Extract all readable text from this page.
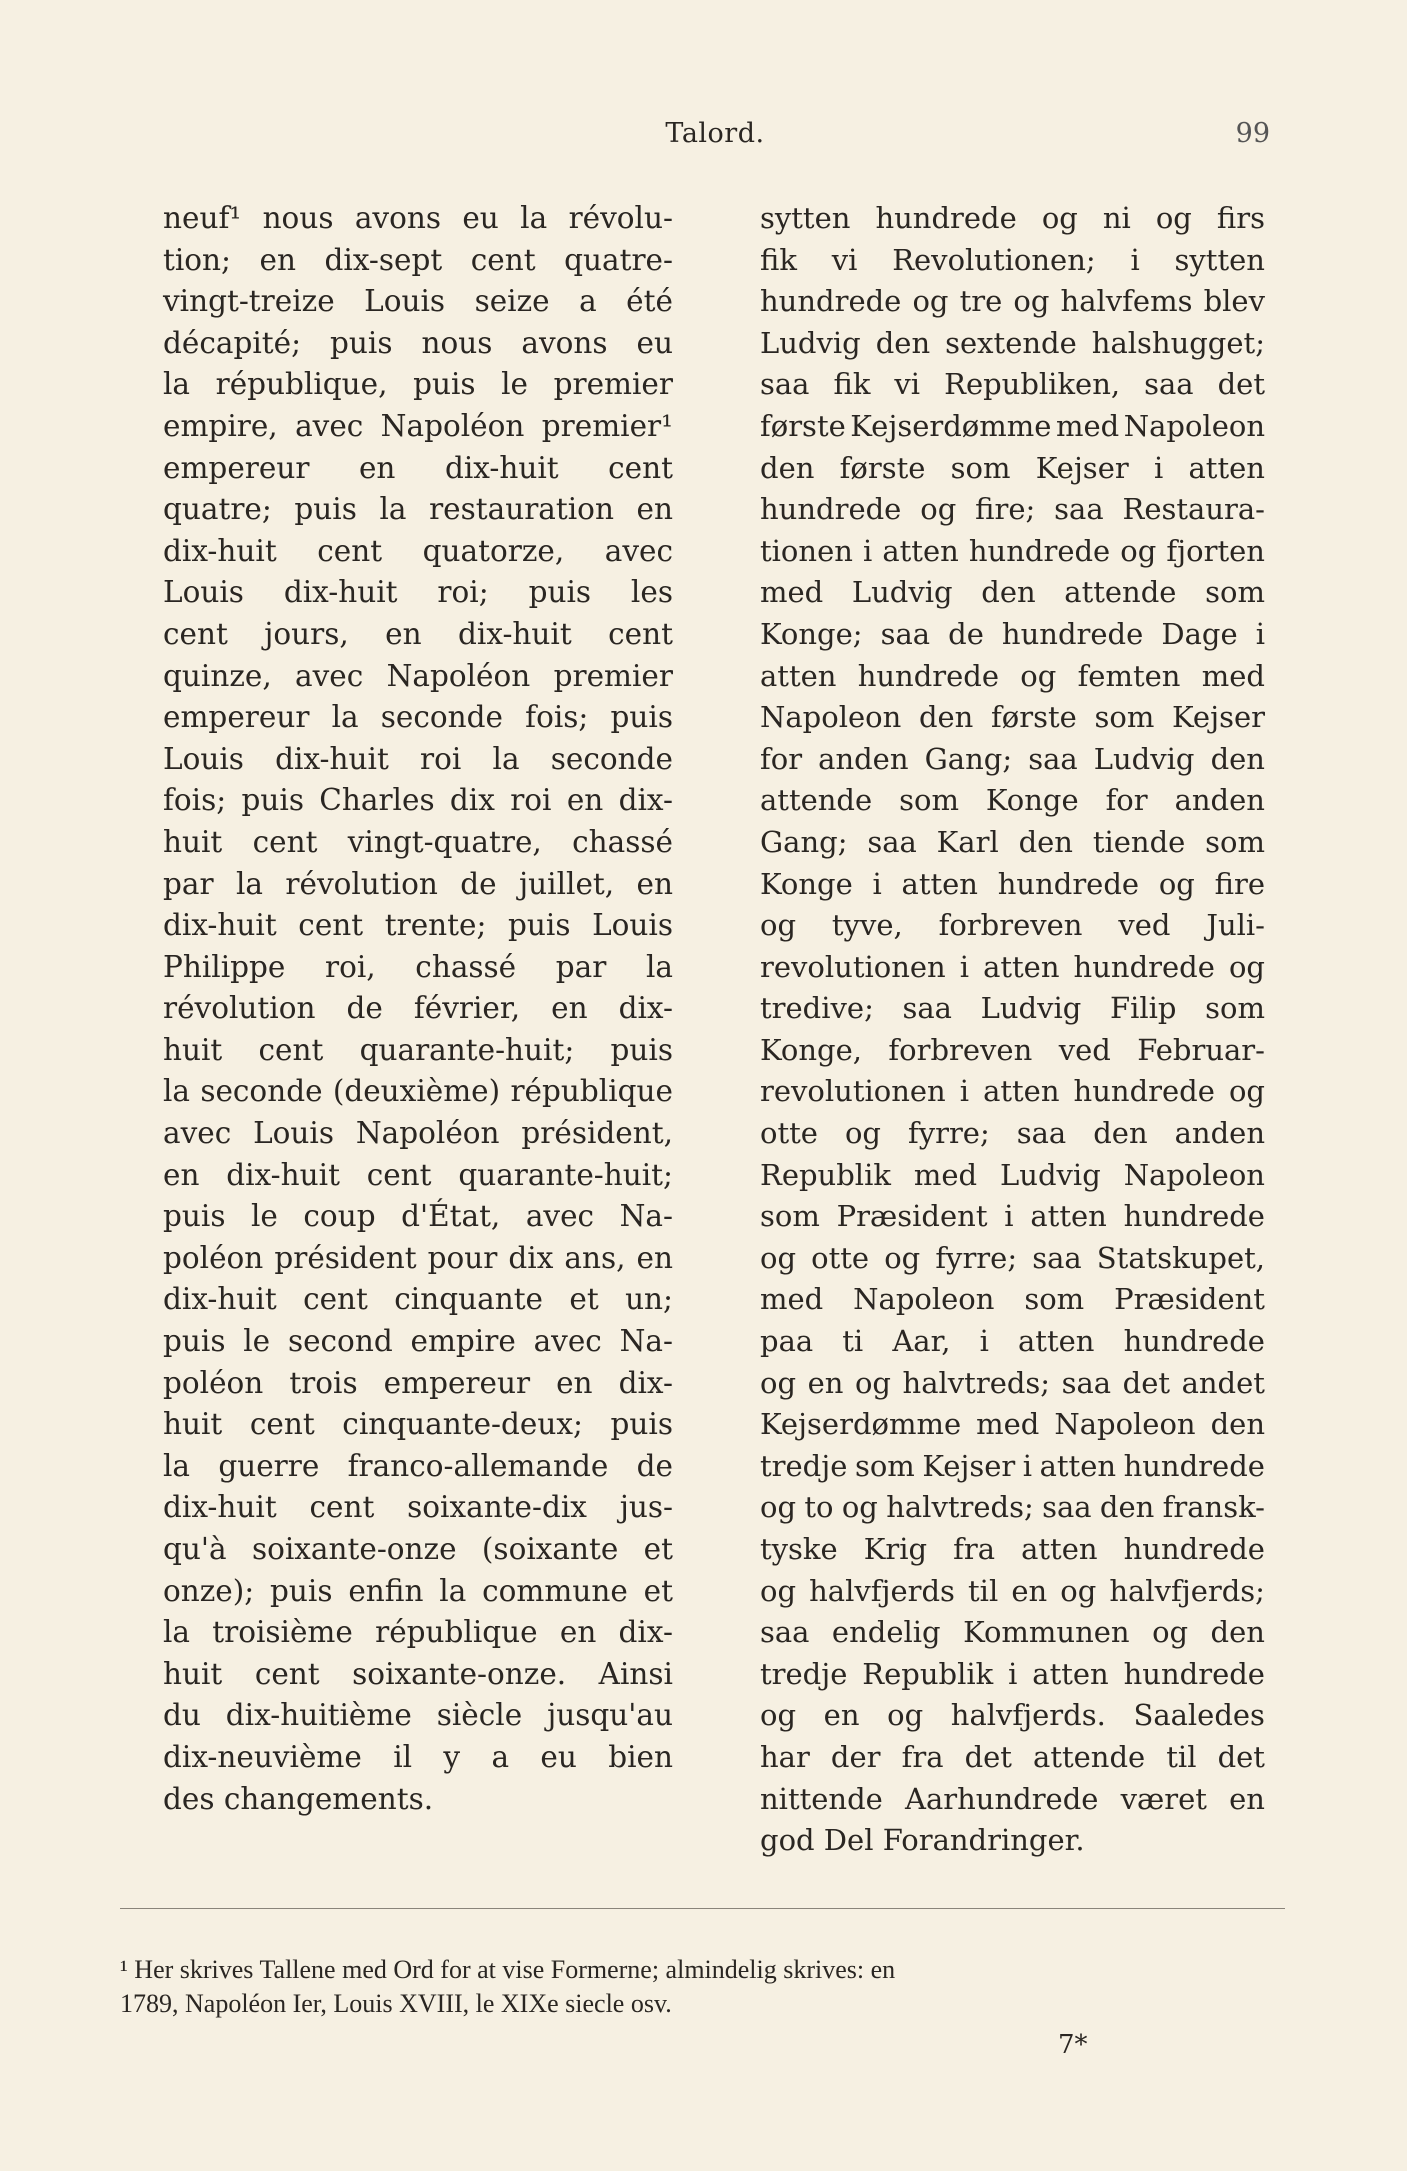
Talord.	99
neuf¹ nous avons eu la révolu-
tion; en dix-sept cent quatre-
vingt-treize Louis seize a été
décapité; puis nous avons eu
la république, puis le premier
empire, avec Napoléon premier¹
empereur en dix-huit cent
quatre; puis la restauration en
dix-huit cent quatorze, avec
Louis dix-huit roi; puis les
cent jours, en dix-huit cent
quinze, avec Napoléon premier
empereur la seconde fois; puis
Louis dix-huit roi la seconde
fois; puis Charles dix roi en dix-
huit cent vingt-quatre, chassé
par la révolution de juillet, en
dix-huit cent trente; puis Louis
Philippe roi, chassé par la
révolution de février, en dix-
huit cent quarante-huit; puis
la seconde (deuxième) république
avec Louis Napoléon président,
en dix-huit cent quarante-huit;
puis le coup d'État, avec Na-
poléon président pour dix ans, en
dix-huit cent cinquante et un;
puis le second empire avec Na-
poléon trois empereur en dix-
huit cent cinquante-deux; puis
la guerre franco-allemande de
dix-huit cent soixante-dix jus-
qu'à soixante-onze (soixante et
onze); puis enfin la commune et
la troisième république en dix-
huit cent soixante-onze. Ainsi
du dix-huitième siècle jusqu'au
dix-neuvième il y a eu bien
des changements.
sytten hundrede og ni og firs
fik vi Revolutionen; i sytten
hundrede og tre og halvfems blev
Ludvig den sextende halshugget;
saa fik vi Republiken, saa det
første Kejserdømme med Napoleon
den første som Kejser i atten
hundrede og fire; saa Restaura-
tionen i atten hundrede og fjorten
med Ludvig den attende som
Konge; saa de hundrede Dage i
atten hundrede og femten med
Napoleon den første som Kejser
for anden Gang; saa Ludvig den
attende som Konge for anden
Gang; saa Karl den tiende som
Konge i atten hundrede og fire
og tyve, forbreven ved Juli-
revolutionen i atten hundrede og
tredive; saa Ludvig Filip som
Konge, forbreven ved Februar-
revolutionen i atten hundrede og
otte og fyrre; saa den anden
Republik med Ludvig Napoleon
som Præsident i atten hundrede
og otte og fyrre; saa Statskupet,
med Napoleon som Præsident
paa ti Aar, i atten hundrede
og en og halvtreds; saa det andet
Kejserdømme med Napoleon den
tredje som Kejser i atten hundrede
og to og halvtreds; saa den fransk-
tyske Krig fra atten hundrede
og halvfjerds til en og halvfjerds;
saa endelig Kommunen og den
tredje Republik i atten hundrede
og en og halvfjerds. Saaledes
har der fra det attende til det
nittende Aarhundrede været en
god Del Forandringer.
¹ Her skrives Tallene med Ord for at vise Formerne; almindelig skrives: en
1789, Napoléon Ier, Louis XVIII, le XIXe siecle osv.
7*
